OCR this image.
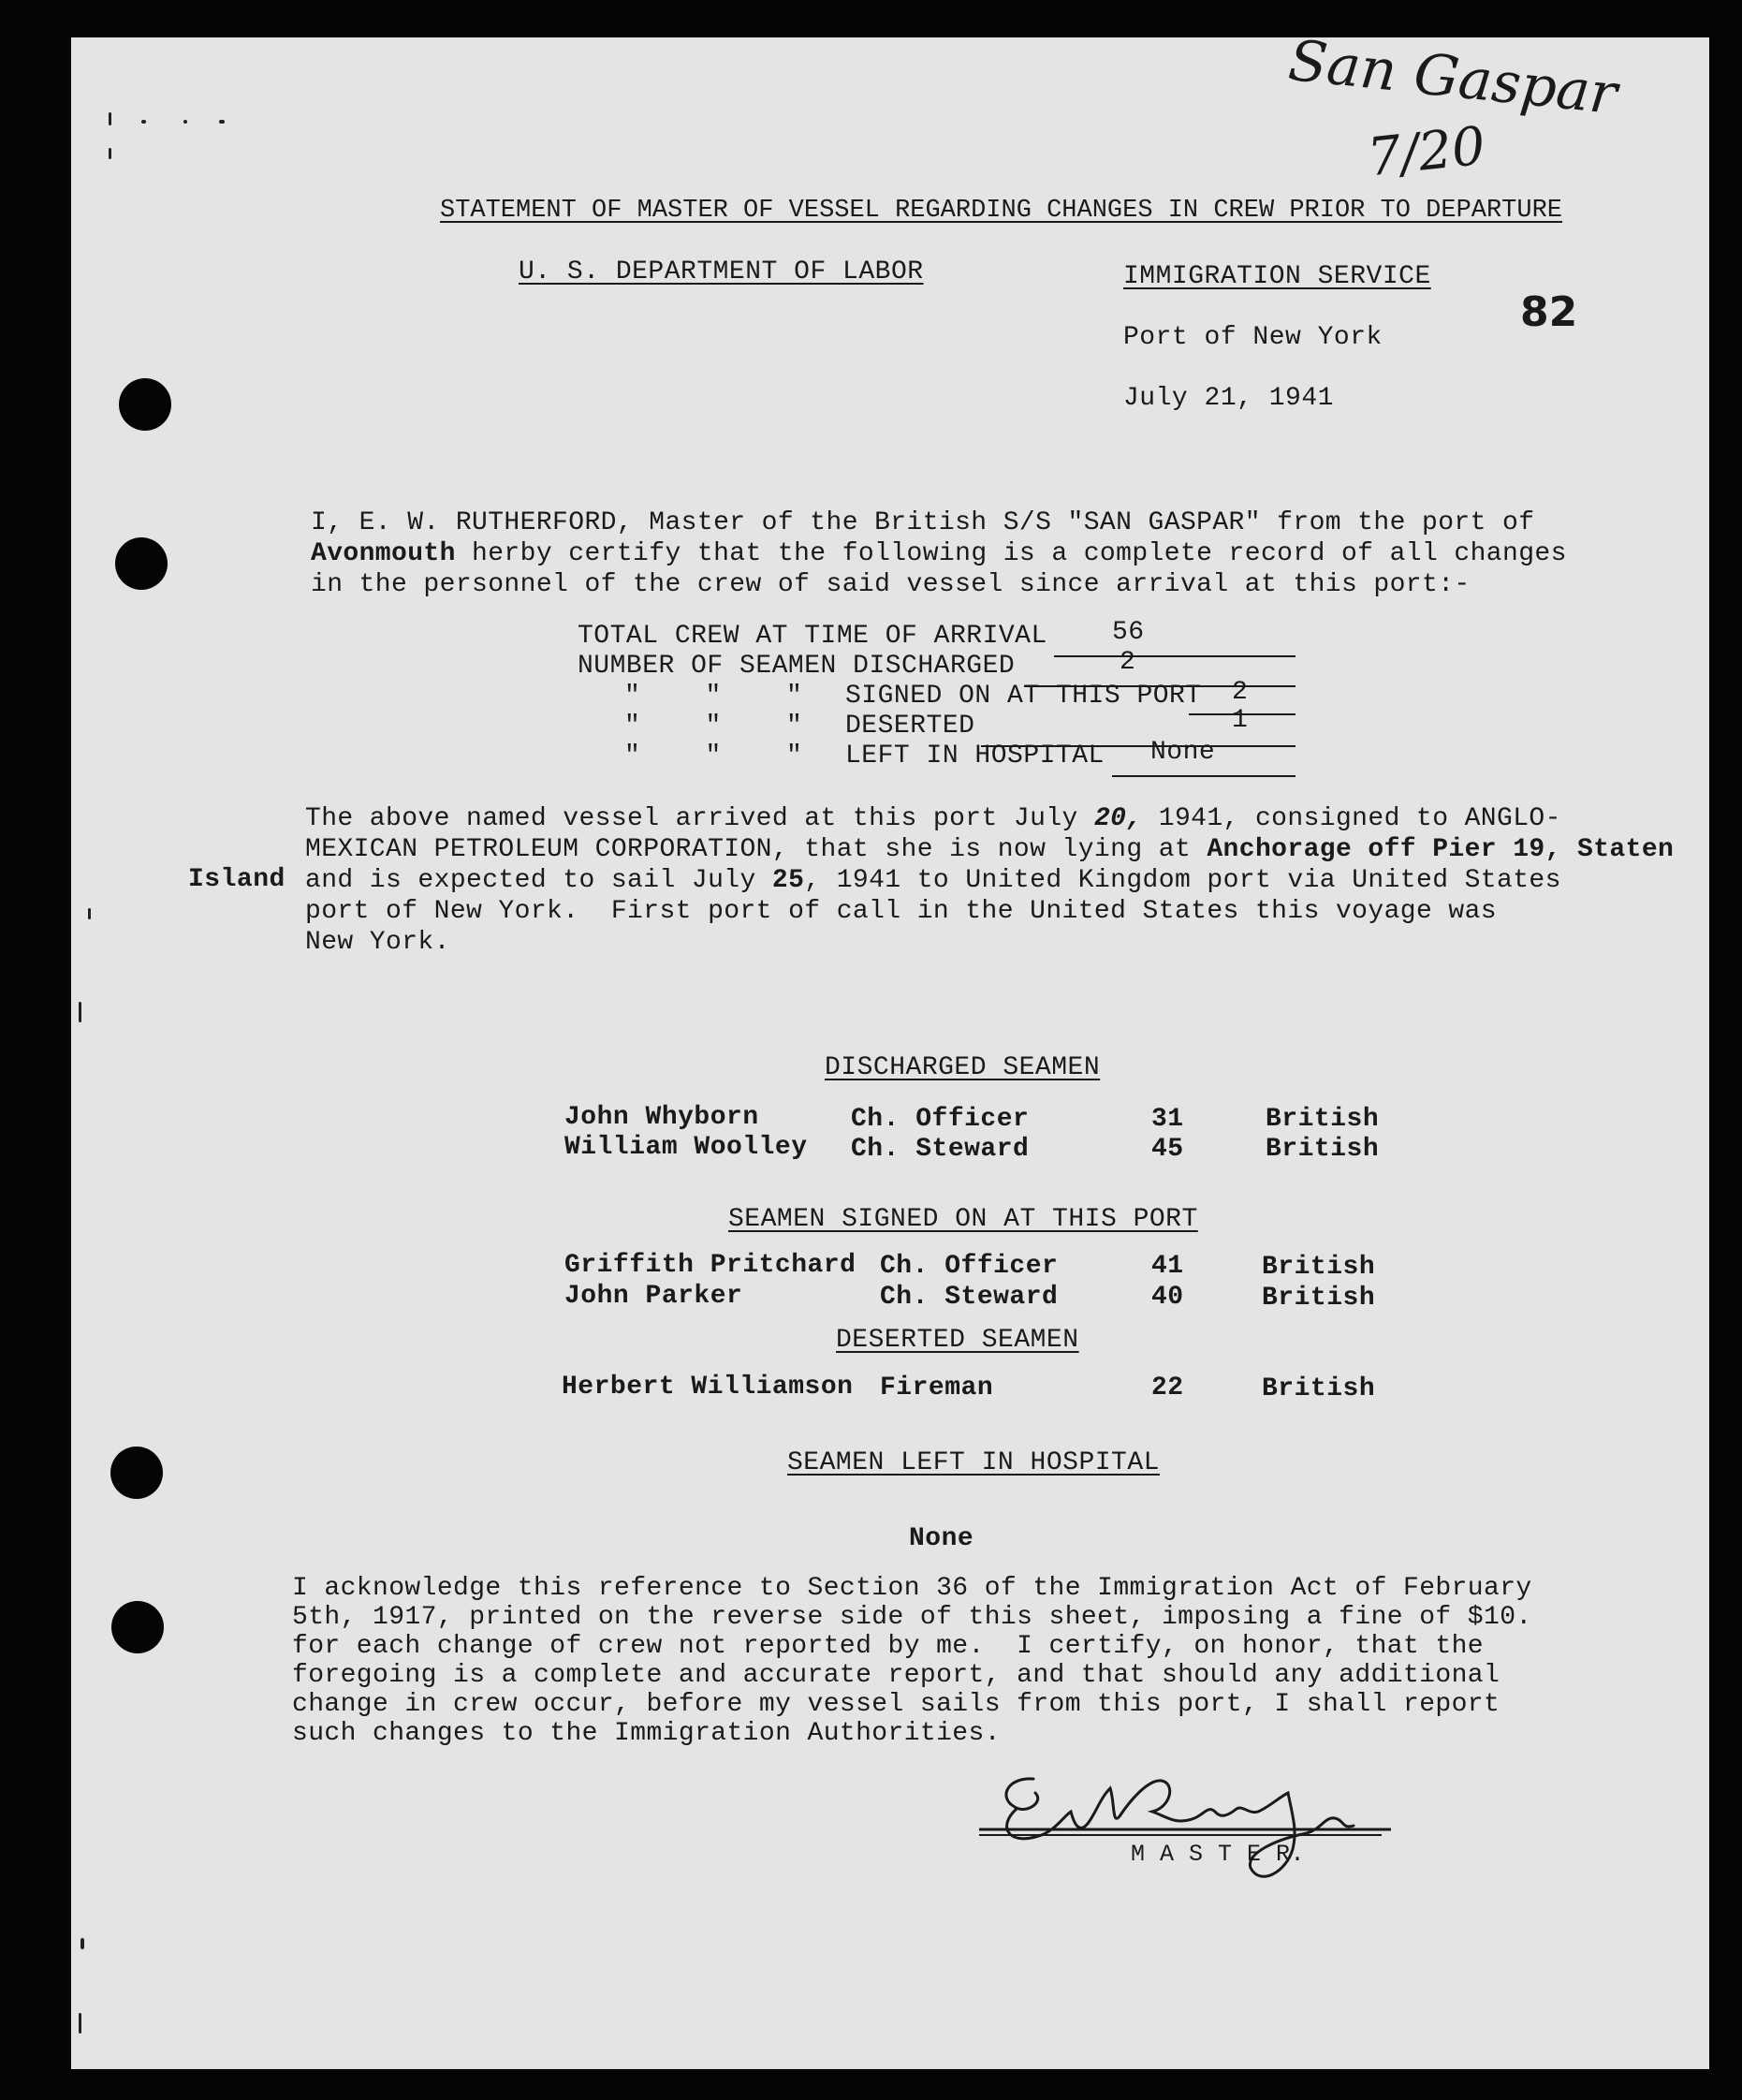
San Gaspar
7/20
STATEMENT OF MASTER OF VESSEL REGARDING CHANGES IN CREW PRIOR TO DEPARTURE
U. S. DEPARTMENT OF LABOR	IMMIGRATION SERVICE
82
Port of New York
July 21, 1941
I, E. W. RUTHERFORD, Master of the British S/S "SAN GASPAR" from the port of
Avonmouth herby certify that the following is a complete record of all changes
in the personnel of the crew of said vessel since arrival at this port:-
TOTAL CREW AT TIME OF ARRIVAL 56
NUMBER OF SEAMEN DISCHARGED	2
"    "    " SIGNED ON AT THIS PORT 2
"    "    " DESERTED	1
"    "    " LEFT IN HOSPITAL None
The above named vessel arrived at this port July 20, 1941, consigned to ANGLO-
MEXICAN PETROLEUM CORPORATION, that she is now lying at Anchorage off Pier 19, Staten
Island and is expected to sail July 25, 1941 to United Kingdom port via United States
port of New York.  First port of call in the United States this voyage was
New York.
DISCHARGED SEAMEN
John Whyborn	Ch. Officer	31	British
William Woolley Ch. Steward	45	British
SEAMEN SIGNED ON AT THIS PORT
Griffith Pritchard Ch. Officer	41	British
John Parker	Ch. Steward	40	British
DESERTED SEAMEN
Herbert Williamson Fireman	22	British
SEAMEN LEFT IN HOSPITAL
None
I acknowledge this reference to Section 36 of the Immigration Act of February
5th, 1917, printed on the reverse side of this sheet, imposing a fine of $10.
for each change of crew not reported by me.  I certify, on honor, that the
foregoing is a complete and accurate report, and that should any additional
change in crew occur, before my vessel sails from this port, I shall report
such changes to the Immigration Authorities.
M A S T E R.
